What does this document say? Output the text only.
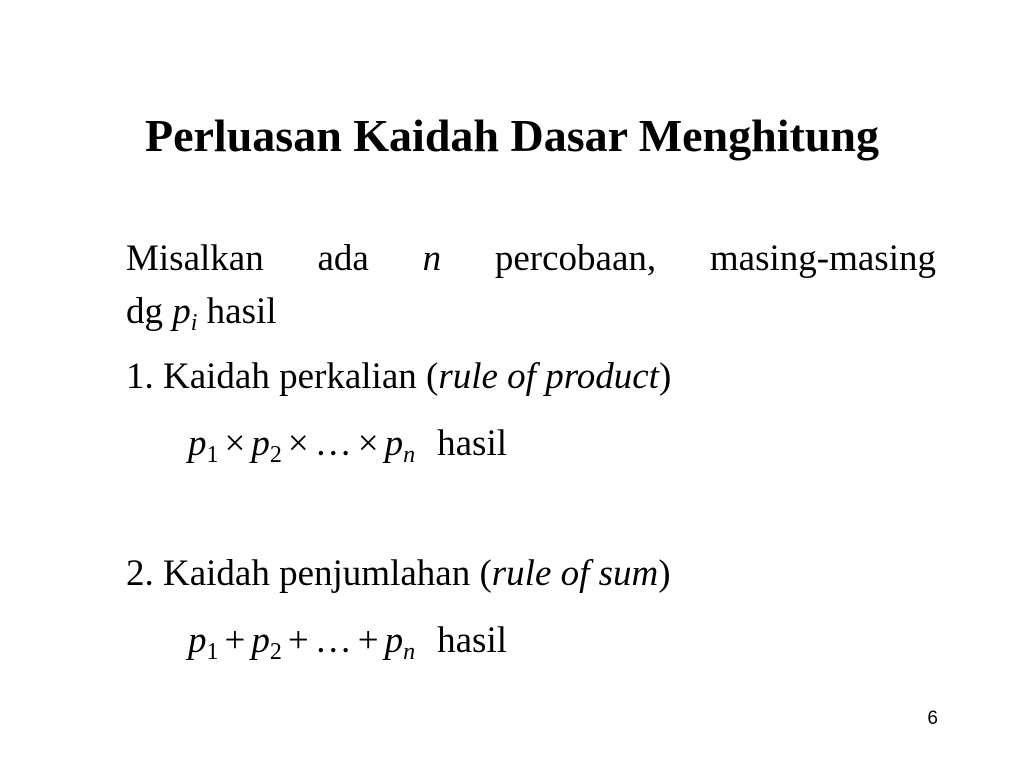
Perluasan Kaidah Dasar Menghitung
Misalkan ada n percobaan, masing-masing
dg $p_i$ hasil
1. Kaidah perkalian (rule of product)
$p_1 \times p_2$ × … × $p_n$ hasil
2. Kaidah penjumlahan (rule of sum)
$p_1 + p_2$ + … + $p_n$ hasil
6
